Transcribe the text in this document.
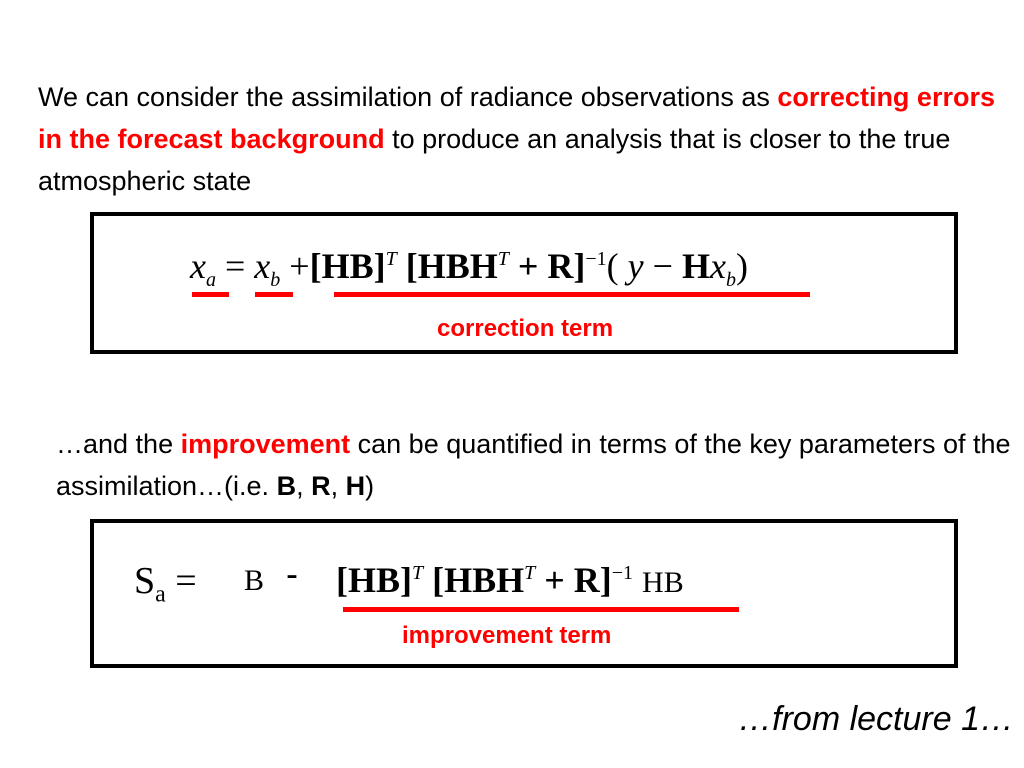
We can consider the assimilation of radiance observations as correcting errors in the forecast background to produce an analysis that is closer to the true atmospheric state
$x_a = x_b +[HB]^T$ $[HBH^T + R]^{-1}$( $y - Hx_b$)
correction term
…and the improvement can be quantified in terms of the key parameters of the assimilation…(i.e. B, R, H)
$S_a = B - [HB]^T$ $[HBH^T + R]^{-1}$ HB
improvement term
…from lecture 1…
